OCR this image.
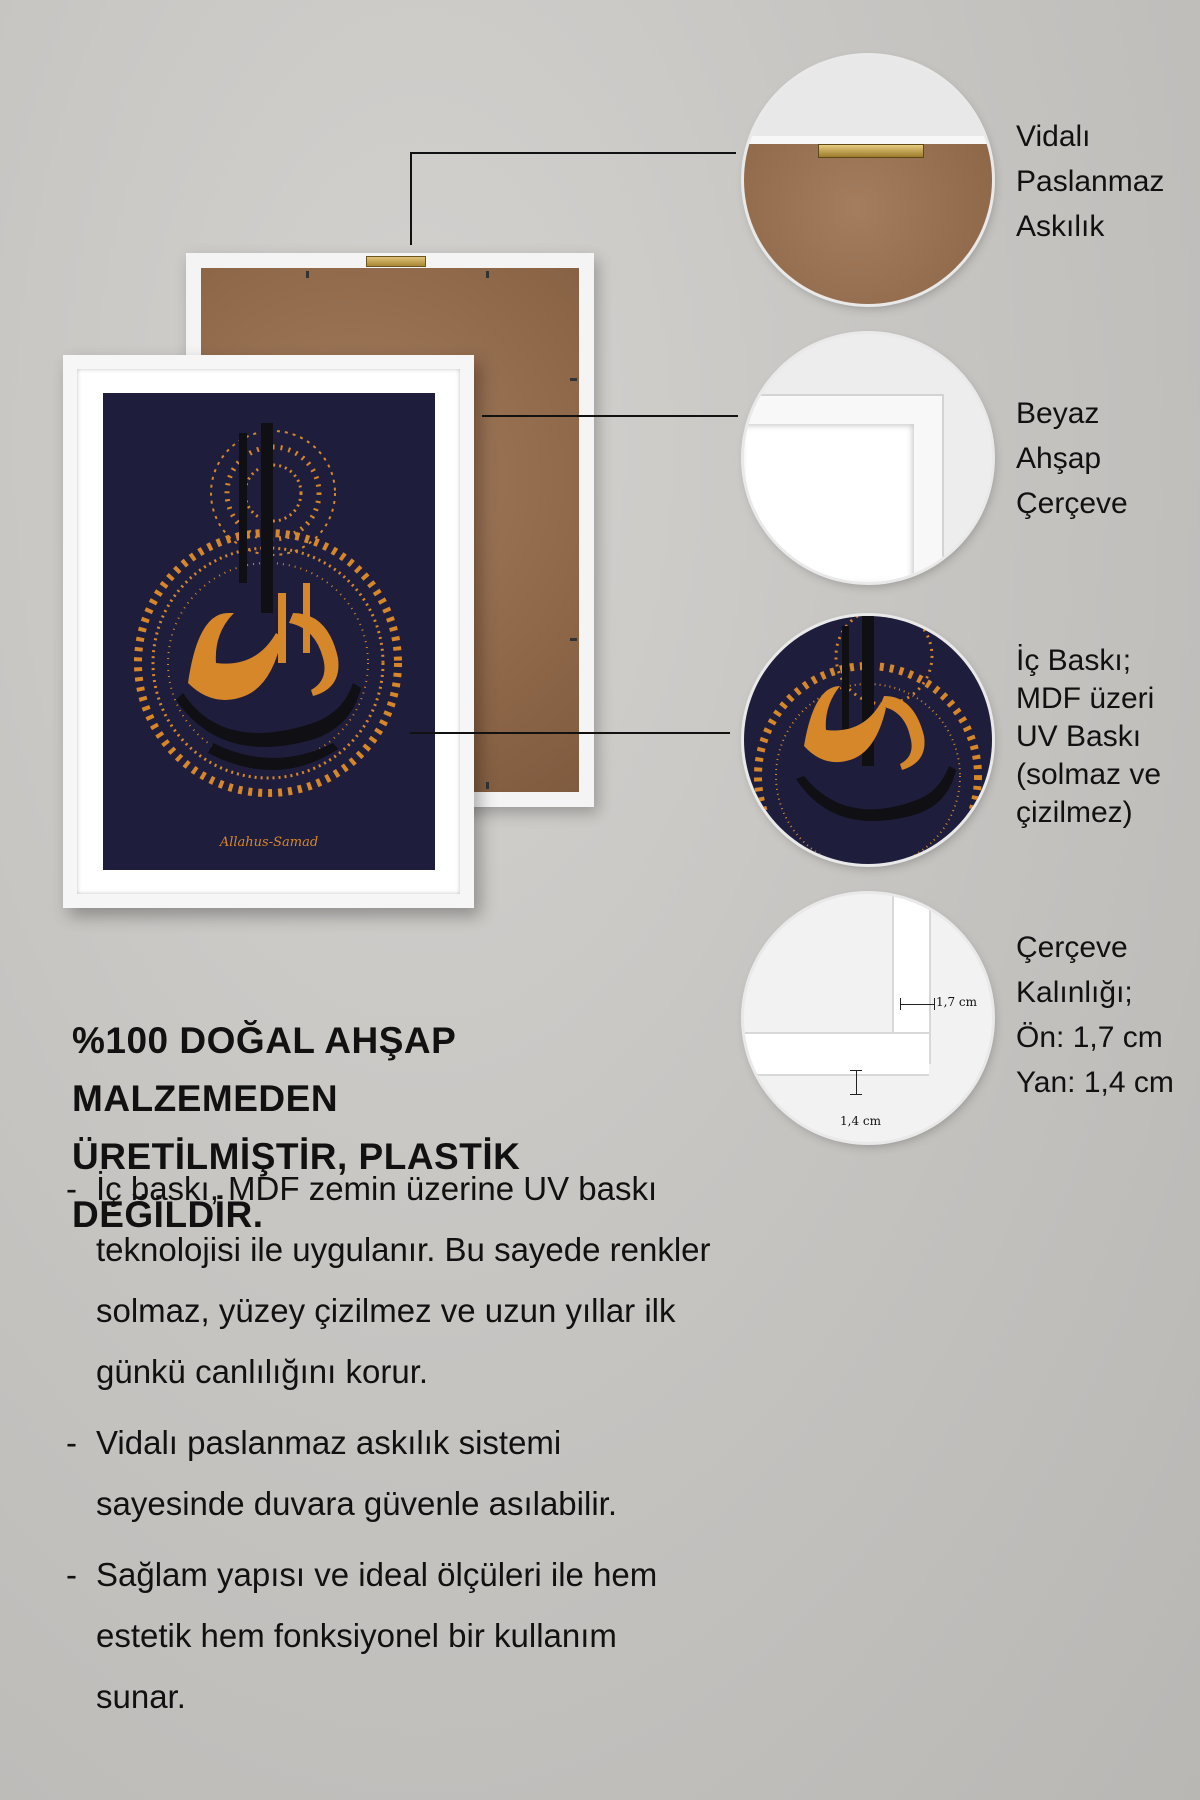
Allahus-Samad
1,7 cm
1,4 cm
Vidalı
Paslanmaz
Askılık
Beyaz
Ahşap
Çerçeve
İç Baskı;
MDF üzeri
UV Baskı
(solmaz ve
çizilmez)
Çerçeve
Kalınlığı;
Ön: 1,7 cm
Yan: 1,4 cm
%100 DOĞAL AHŞAP MALZEMEDEN
ÜRETİLMİŞTİR, PLASTİK DEĞİLDİR.
- İç baskı, MDF zemin üzerine UV baskı
teknolojisi ile uygulanır. Bu sayede renkler
solmaz, yüzey çizilmez ve uzun yıllar ilk
günkü canlılığını korur.
- Vidalı paslanmaz askılık sistemi
sayesinde duvara güvenle asılabilir.
- Sağlam yapısı ve ideal ölçüleri ile hem
estetik hem fonksiyonel bir kullanım
sunar.
